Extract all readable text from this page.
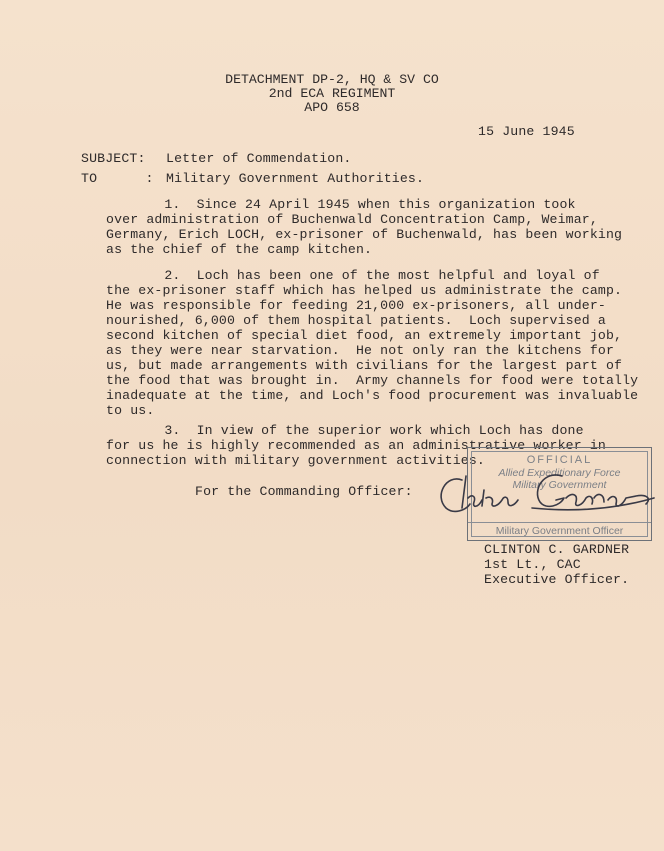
DETACHMENT DP-2, HQ & SV CO
2nd ECA REGIMENT
APO 658
15 June 1945
SUBJECT: Letter of Commendation.
TO      : Military Government Authorities.
1.  Since 24 April 1945 when this organization took
over administration of Buchenwald Concentration Camp, Weimar,
Germany, Erich LOCH, ex-prisoner of Buchenwald, has been working
as the chief of the camp kitchen.
2.  Loch has been one of the most helpful and loyal of
the ex-prisoner staff which has helped us administrate the camp.
He was responsible for feeding 21,000 ex-prisoners, all under-
nourished, 6,000 of them hospital patients.  Loch supervised a
second kitchen of special diet food, an extremely important job,
as they were near starvation.  He not only ran the kitchens for
us, but made arrangements with civilians for the largest part of
the food that was brought in.  Army channels for food were totally
inadequate at the time, and Loch's food procurement was invaluable
to us.
3.  In view of the superior work which Loch has done
for us he is highly recommended as an administrative worker in
connection with military government activities.
For the Commanding Officer:
OFFICIAL
Allied Expeditionary Force
Military Government
Military Government Officer
CLINTON C. GARDNER
1st Lt., CAC
Executive Officer.
